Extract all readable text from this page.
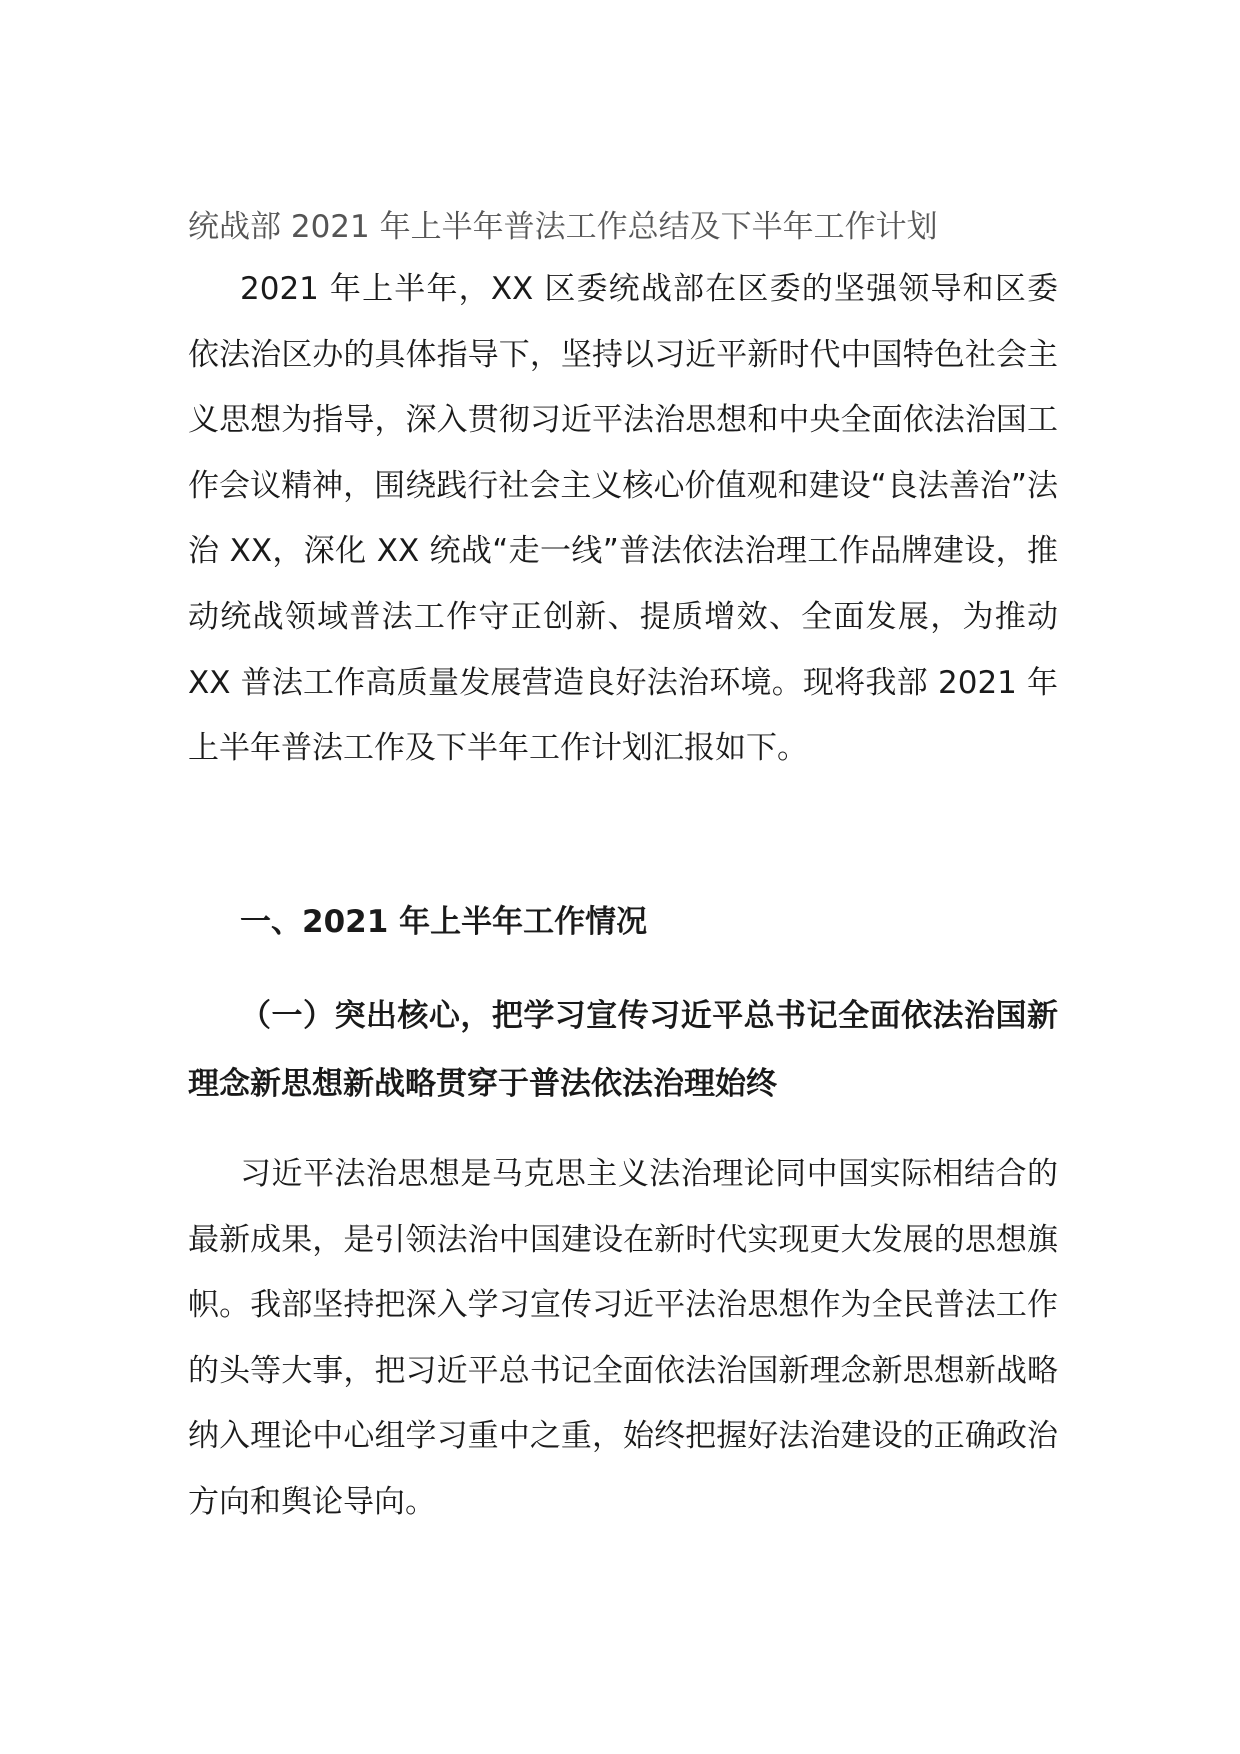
统战部 2021 年上半年普法工作总结及下半年工作计划

2021 年上半年，XX 区委统战部在区委的坚强领导和区委依法治区办的具体指导下，坚持以习近平新时代中国特色社会主义思想为指导，深入贯彻习近平法治思想和中央全面依法治国工作会议精神，围绕践行社会主义核心价值观和建设“良法善治”法治 XX，深化 XX 统战“走一线”普法依法治理工作品牌建设，推动统战领域普法工作守正创新、提质增效、全面发展，为推动 XX 普法工作高质量发展营造良好法治环境。现将我部 2021 年上半年普法工作及下半年工作计划汇报如下。

一、2021 年上半年工作情况
（一）突出核心，把学习宣传习近平总书记全面依法治国新理念新思想新战略贯穿于普法依法治理始终

习近平法治思想是马克思主义法治理论同中国实际相结合的最新成果，是引领法治中国建设在新时代实现更大发展的思想旗帜。我部坚持把深入学习宣传习近平法治思想作为全民普法工作的头等大事，把习近平总书记全面依法治国新理念新思想新战略纳入理论中心组学习重中之重，始终把握好法治建设的正确政治方向和舆论导向。
